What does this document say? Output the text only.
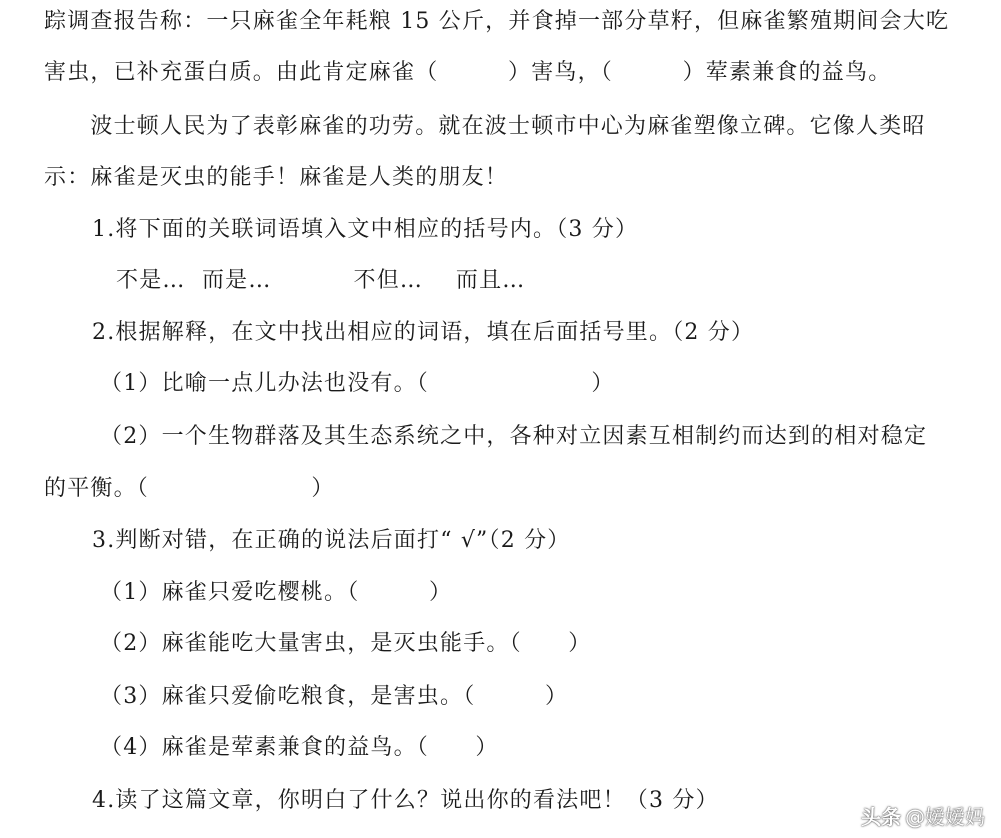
踪调查报告称：一只麻雀全年耗粮 15 公斤，并食掉一部分草籽，但麻雀繁殖期间会大吃
害虫，已补充蛋白质。由此肯定麻雀（　　　）害鸟，（　　　）荤素兼食的益鸟。
　　波士顿人民为了表彰麻雀的功劳。就在波士顿市中心为麻雀塑像立碑。它像人类昭
示：麻雀是灭虫的能手！麻雀是人类的朋友！
1.将下面的关联词语填入文中相应的括号内。（3 分）
不是…  而是…          不但…    而且…
2.根据解释，在文中找出相应的词语，填在后面括号里。（2 分）
（1）比喻一点儿办法也没有。（　　　　　　　）
（2）一个生物群落及其生态系统之中，各种对立因素互相制约而达到的相对稳定
的平衡。（　　　　　　　）
3.判断对错，在正确的说法后面打“ √”（2 分）
（1）麻雀只爱吃樱桃。（　　　）
（2）麻雀能吃大量害虫，是灭虫能手。（　　）
（3）麻雀只爱偷吃粮食，是害虫。（　　　）
（4）麻雀是荤素兼食的益鸟。（　　）
4.读了这篇文章，你明白了什么？说出你的看法吧！（3 分）
头条 @嫒嫒妈
